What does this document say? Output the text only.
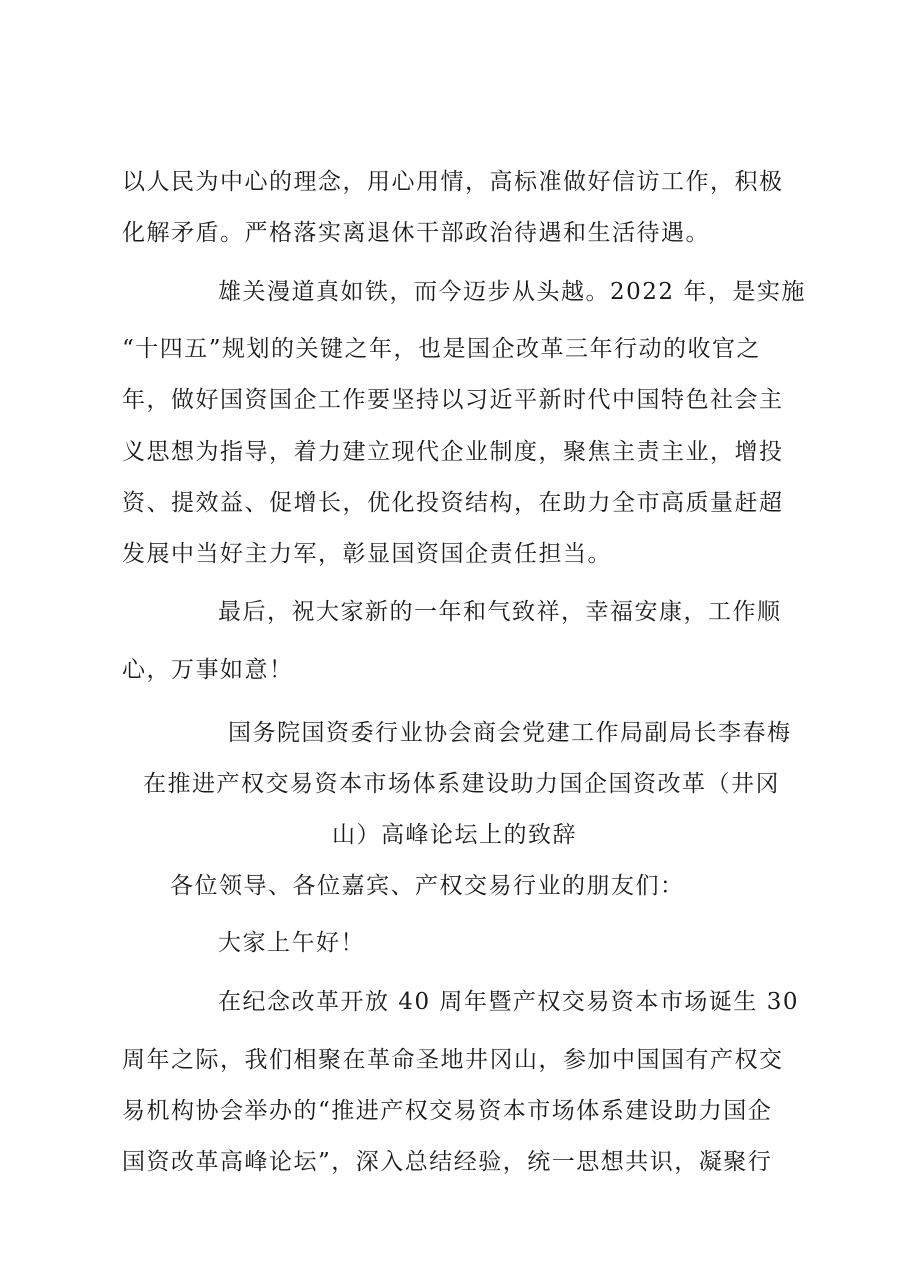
以人民为中心的理念，用心用情，高标准做好信访工作，积极
化解矛盾。严格落实离退休干部政治待遇和生活待遇。
雄关漫道真如铁，而今迈步从头越。2022 年，是实施
“十四五”规划的关键之年，也是国企改革三年行动的收官之
年，做好国资国企工作要坚持以习近平新时代中国特色社会主
义思想为指导，着力建立现代企业制度，聚焦主责主业，增投
资、提效益、促增长，优化投资结构，在助力全市高质量赶超
发展中当好主力军，彰显国资国企责任担当。
最后，祝大家新的一年和气致祥，幸福安康，工作顺
心，万事如意！
国务院国资委行业协会商会党建工作局副局长李春梅
在推进产权交易资本市场体系建设助力国企国资改革（井冈
山）高峰论坛上的致辞
各位领导、各位嘉宾、产权交易行业的朋友们：
大家上午好！
在纪念改革开放 40 周年暨产权交易资本市场诞生 30
周年之际，我们相聚在革命圣地井冈山，参加中国国有产权交
易机构协会举办的“推进产权交易资本市场体系建设助力国企
国资改革高峰论坛”，深入总结经验，统一思想共识，凝聚行
